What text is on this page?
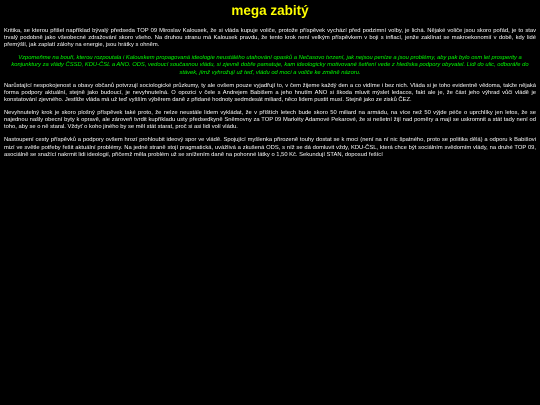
mega zabitý

Kritika, se kterou přišel například bývalý předseda TOP 09 Miroslav Kalousek, že si vláda kupuje voliče, protože příspěvek vychází před podzimní volby, je lichá. Nějaké voliče jsou skoro pořád, je to stav trvalý podobně jako všeobecné zdražování skoro všeho. Na druhou stranu má Kalousek pravdu, že tento krok není velkým příspěvkem v boji s inflací, jenže zaklínat se makroekonomií v době, kdy lidé přemýšlí, jak zaplatí zálohy na energie, jsou hrátky s ohněm.

Vzpomeňme na bouři, kterou rozpoutala i Kalouskem propagovaná ideologie neustálého utahování opasků a Nečasovo tvrzení, jak nejsou peníze a jsou problémy, aby pak bylo osm let prosperity a konjunktury za vlády ČSSD, KDU-ČSL a ANO. ODS, vedoucí současnou vládu, si zjevně dobře pamatuje, kam ideologicky motivované šetření vede z hlediska podpory obyvatel. Lidi do ulic, odboráře do stávek, jímž vyhrožují už teď, vládu od moci a voliče ke změně názoru.

Narůstající nespokojenost a obavy občanů potvrzují sociologické průzkumy, ty ale ovšem pouze vyjadřují to, v čem žijeme každý den a co vidíme i bez nich. Vláda si je toho evidentně vědoma, takže nějaká forma podpory aktuální, stejně jako budoucí, je nevyhnutelná. O opozici v čele s Andrejem Babišem a jeho hnutím ANO si škoda mluvit mýslet ledacos, fakt ale je, že část jeho výhrad vůči vládě je konstatování zjevného. Jestliže vláda má už teď vyšším výběrem daně z přidané hodnoty sedmdesát miliard, něco lidem pustit musí. Stejně jako ze zisků ČEZ.

Nevyhnutelný krok je skoro plošný příspěvek také proto, že nelze neustále lidem vykládat, že v příštích letech bude skoro 50 miliard na armádu, na více než 50 výjde péče o uprchlíky jen letos, že se najednou našly obecní byty k opravě, ale zároveň tvrdit kupříkladu usty předsedkyně Sněmovny za TOP 09 Markéty Adamové Pekarové, že si nešetní žijí nad poměry a mají se uskromnit a stát tady není od toho, aby se o ně staral. Vždyť o koho jiného by se měl stát starat, proč si asi lidi volí vládu.

Nastoupení cesty příspěvků a podpory ovšem hrozí prohloubit ideový spor ve vládě. Spojující myšlenka přirozeně touhy dostat se k moci (není na ní nic špatného, proto se politika dělá) a odporu k Babišovi mizí ve světle potřeby řešit aktuální problémy. Na jedné straně stojí pragmatická, uvážlivá a zkušená ODS, s níž se dá domluvit vždy, KDU-ČSL, která chce být sociálním svědomím vlády, na druhé TOP 09, asociálně se snažící nakrmit lidi ideologií, přičemž měla problém už se snížením daně na pohonné látky o 1,50 Kč. Sekundují STAN, doposud řešící
